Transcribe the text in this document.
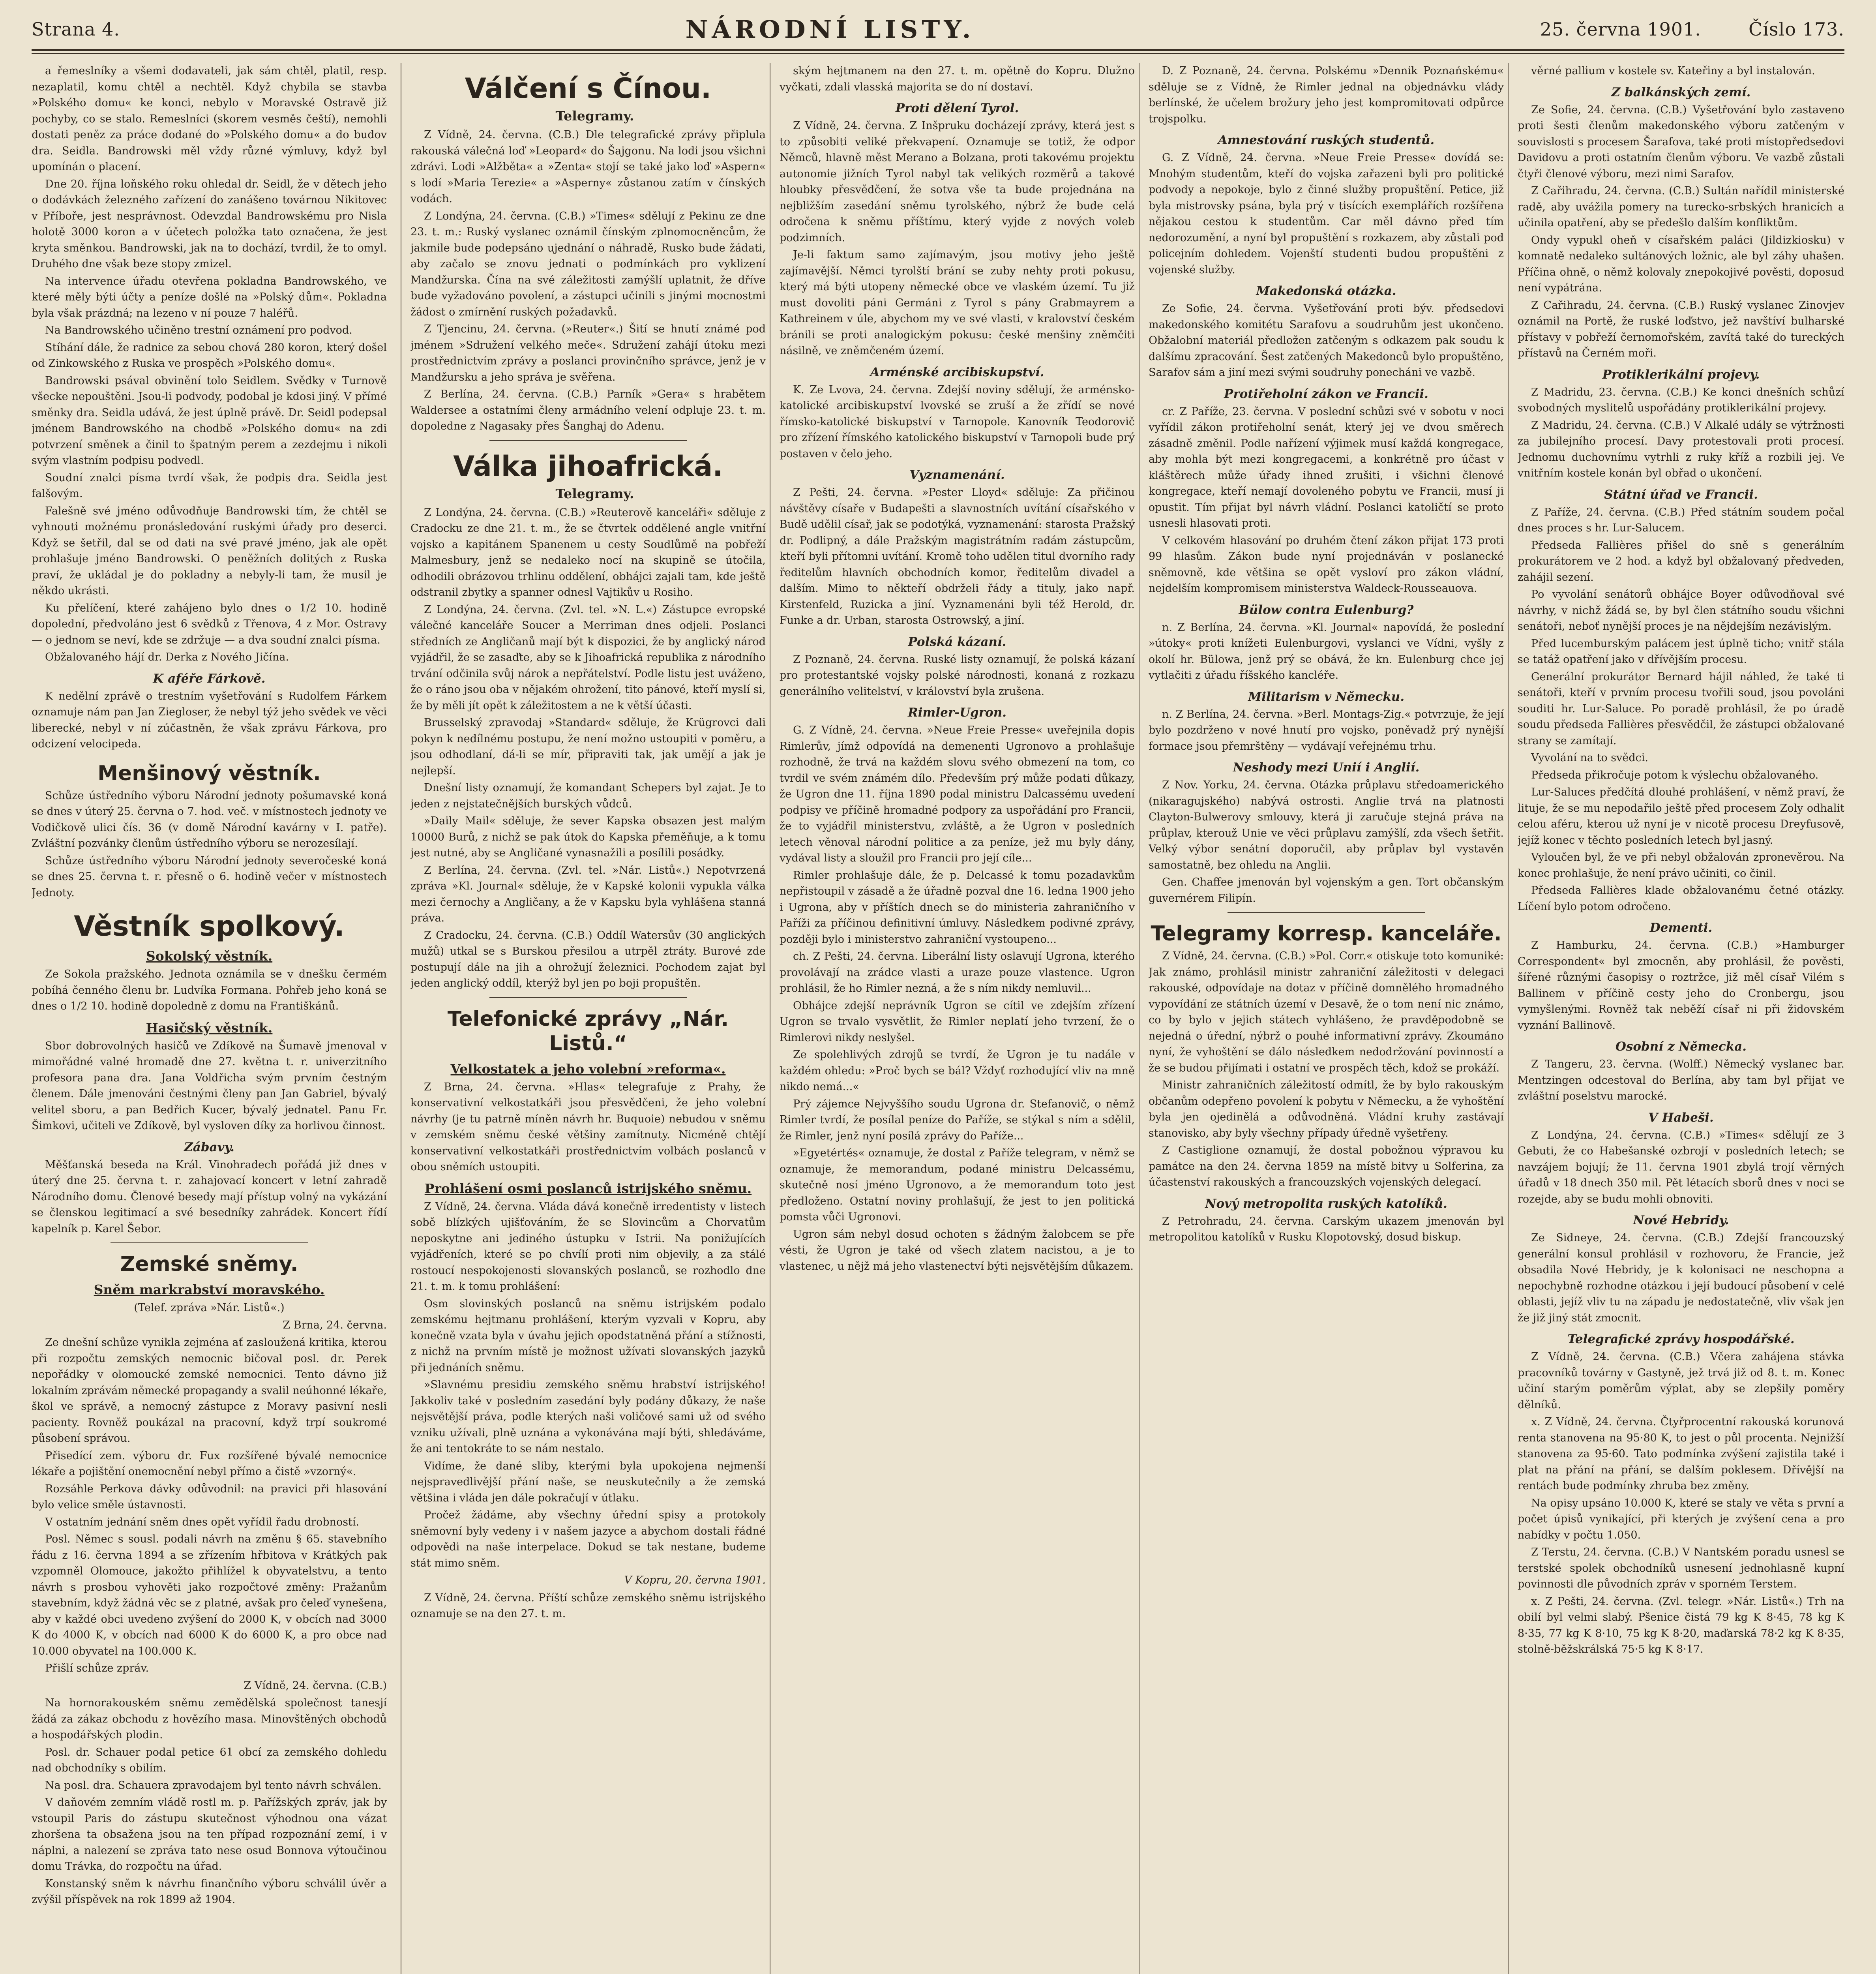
Strana 4.	NÁRODNÍ LISTY.	25. června 1901.	Číslo 173.

a řemeslníky a všemi dodavateli, jak sám chtěl, platil, resp. nezaplatil, komu chtěl a nechtěl. Když chybila se stavba »Polského domu« ke konci, nebylo v Moravské Ostravě již pochyby, co se stalo. Remeslníci (skorem vesměs čeští), nemohli dostati peněz za práce dodané do »Polského domu« a do budov dra. Seidla. Bandrowski měl vždy různé výmluvy, když byl upomínán o placení.

Dne 20. října loňského roku ohledal dr. Seidl, že v dětech jeho o dodávkách železného zařízení do zanášeno továrnou Nikitovec v Příboře, jest nesprávnost. Odevzdal Bandrowskému pro Nisla holotě 3000 koron a v účetech položka tato označena, že jest kryta směnkou. Bandrowski, jak na to dochází, tvrdil, že to omyl. Druhého dne však beze stopy zmizel.

Na intervence úřadu otevřena pokladna Bandrowského, ve které měly býti účty a peníze došlé na »Polský dům«. Pokladna byla však prázdná; na lezeno v ní pouze 7 haléřů.

Na Bandrowského učiněno trestní oznámení pro podvod.

Stíhání dále, že radnice za sebou chová 280 koron, který došel od Zinkowského z Ruska ve prospěch »Polského domu«.

Bandrowski psával obvinění tolo Seidlem. Svědky v Turnově všecke nepouštěni. Jsou-li podvody, podobal je kdosi jiný. V přímé směnky dra. Seidla udává, že jest úplně právě. Dr. Seidl podepsal jménem Bandrowského na chodbě »Polského domu« na zdi potvrzení směnek a činil to špatným perem a zezdejmu i nikoli svým vlastním podpisu podvedl.

Soudní znalci písma tvrdí však, že podpis dra. Seidla jest falšovým.

Falešně své jméno odůvodňuje Bandrowski tím, že chtěl se vyhnouti možnému pronásledování ruskými úřady pro deserci. Když se šetřil, dal se od dati na své pravé jméno, jak ale opět prohlašuje jméno Bandrowski. O peněžních dolitých z Ruska praví, že ukládal je do pokladny a nebyly-li tam, že musil je někdo ukrásti.

Ku přelíčení, které zahájeno bylo dnes o 1/2 10. hodině dopolední, předvoláno jest 6 svědků z Třenova, 4 z Mor. Ostravy — o jednom se neví, kde se zdržuje — a dva soudní znalci písma.

Obžalovaného hájí dr. Derka z Nového Jičína.

K aféře Fárkově.

K nedělní zprávě o trestním vyšetřování s Rudolfem Fárkem oznamuje nám pan Jan Ziegloser, že nebyl týž jeho svědek ve věci liberecké, nebyl v ní zúčastněn, že však zprávu Fárkova, pro odcizení velocipeda.

Menšinový věstník.

Schůze ústředního výboru Národní jednoty pošumavské koná se dnes v úterý 25. června o 7. hod. več. v místnostech jednoty ve Vodičkově ulici čís. 36 (v domě Národní kavárny v I. patře). Zvláštní pozvánky členům ústředního výboru se nerozesílají.

Schůze ústředního výboru Národní jednoty severočeské koná se dnes 25. června t. r. přesně o 6. hodině večer v místnostech Jednoty.

Věstník spolkový.
Sokolský věstník.

Ze Sokola pražského. Jednota oznámila se v dnešku čermém pobíhá čenného členu br. Ludvíka Formana. Pohřeb jeho koná se dnes o 1/2 10. hodině dopoledně z domu na Františkánů.

Hasičský věstník.

Sbor dobrovolných hasičů ve Zdíkově na Šumavě jmenoval v mimořádné valné hromadě dne 27. května t. r. univerzitního profesora pana dra. Jana Voldřicha svým prvním čestným členem. Dále jmenováni čestnými členy pan Jan Gabriel, bývalý velitel sboru, a pan Bedřich Kucer, bývalý jednatel. Panu Fr. Šimkovi, učiteli ve Zdíkově, byl vysloven díky za horlivou činnost.

Zábavy.

Měšťanská beseda na Král. Vinohradech pořádá již dnes v úterý dne 25. června t. r. zahajovací koncert v letní zahradě Národního domu. Členové besedy mají přístup volný na vykázání se členskou legitimací a své besedníky zahrádek. Koncert řídí kapelník p. Karel Šebor.

Zemské sněmy.
Sněm markrabství moravského.

(Telef. zpráva »Nár. Listů«.)

Z Brna, 24. června.

Ze dnešní schůze vynikla zejména ať zasloužená kritika, kterou při rozpočtu zemských nemocnic bičoval posl. dr. Perek nepořádky v olomoucké zemské nemocnici. Tento dávno již lokalním zprávám německé propagandy a svalil neúhonné lékaře, škol ve správě, a nemocný zástupce z Moravy pasivní nesli pacienty. Rovněž poukázal na pracovní, když trpí soukromé působení správou.

Přisedící zem. výboru dr. Fux rozšířené bývalé nemocnice lékaře a pojištění onemocnění nebyl přímo a čistě »vzorný«.

Rozsáhle Perkova dávky odůvodnil: na pravici při hlasování bylo velice směle ústavnosti.

V ostatním jednání sněm dnes opět vyřídil řadu drobností.

Posl. Němec s sousl. podali návrh na změnu § 65. stavebního řádu z 16. června 1894 a se zřízením hřbitova v Krátkých pak vzpomněl Olomouce, jakožto přihlížel k obyvatelstvu, a tento návrh s prosbou vyhověti jako rozpočtové změny: Pražanům stavebním, když žádná věc se z platné, avšak pro čeleď vynešena, aby v každé obci uvedeno zvýšení do 2000 K, v obcích nad 3000 K do 4000 K, v obcích nad 6000 K do 6000 K, a pro obce nad 10.000 obyvatel na 100.000 K.

Přišlí schůze zpráv.

Z Vídně, 24. června. (C.B.)

Na hornorakouském sněmu zemědělská společnost tanesjí žádá za zákaz obchodu z hovězího masa. Minovštěných obchodů a hospodářských plodin.

Posl. dr. Schauer podal petice 61 obcí za zemského dohledu nad obchodníky s obilím.

Na posl. dra. Schauera zpravodajem byl tento návrh schválen.

V daňovém zemním vládě rostl m. p. Pařížských zpráv, jak by vstoupil Paris do zástupu skutečnost výhodnou ona vázat zhoršena ta obsažena jsou na ten případ rozpoznání zemí, i v náplni, a nalezení se zpráva tato nese osud Bonnova výtoučinou domu Trávka, do rozpočtu na úřad.

Konstanský sněm k návrhu finančního výboru schválil úvěr a zvýšil příspěvek na rok 1899 až 1904.

Válčení s Čínou.

Telegramy.

Z Vídně, 24. června. (C.B.) Dle telegrafické zprávy připlula rakouská válečná loď »Leopard« do Šajgonu. Na lodi jsou všichni zdrávi. Lodi »Alžběta« a »Zenta« stojí se také jako loď »Aspern« s lodí »Maria Terezie« a »Asperny« zůstanou zatím v čínských vodách.

Z Londýna, 24. června. (C.B.) »Times« sdělují z Pekinu ze dne 23. t. m.: Ruský vyslanec oznámil čínským zplnomocněncům, že jakmile bude podepsáno ujednání o náhradě, Rusko bude žádati, aby začalo se znovu jednati o podmínkách pro vyklizení Mandžurska. Čína na své záležitosti zamýšlí uplatnit, že dříve bude vyžadováno povolení, a zástupci učinili s jinými mocnostmi žádost o zmírnění ruských požadavků.

Z Tjencinu, 24. června. (»Reuter«.) Šití se hnutí známé pod jménem »Sdružení velkého meče«. Sdružení zahájí útoku mezi prostřednictvím zprávy a poslanci provinčního správce, jenž je v Mandžursku a jeho správa je svěřena.

Z Berlína, 24. června. (C.B.) Parník »Gera« s hrabětem Waldersee a ostatními členy armádního velení odpluje 23. t. m. dopoledne z Nagasaky přes Šanghaj do Adenu.

Válka jihoafrická.

Telegramy.

Z Londýna, 24. června. (C.B.) »Reuterově kanceláři« sděluje z Cradocku ze dne 21. t. m., že se čtvrtek oddělené angle vnitřní vojsko a kapitánem Spanenem u cesty Soudlůmě na pobřeží Malmesbury, jenž se nedaleko nocí na skupině se útočila, odhodili obrázovou trhlinu oddělení, obhájci zajali tam, kde ještě odstranil zbytky a spanner odnesl Vajtikův u Rosiho.

Z Londýna, 24. června. (Zvl. tel. »N. L.«) Zástupce evropské válečné kanceláře Soucer a Merriman dnes odjeli. Poslanci středních ze Angličanů mají být k dispozici, že by anglický národ vyjádřil, že se zasaďte, aby se k Jihoafrická republika z národního trvání odčinila svůj nárok a nepřátelství. Podle listu jest uváženo, že o ráno jsou oba v nějakém ohrožení, tito pánové, kteří myslí si, že by měli jít opět k záležitostem a ne k větší účasti.

Brusselský zpravodaj »Standard« sděluje, že Krügrovci dali pokyn k nedílnému postupu, že není možno ustoupiti v poměru, a jsou odhodlaní, dá-li se mír, připraviti tak, jak umějí a jak je nejlepší.

Dnešní listy oznamují, že komandant Schepers byl zajat. Je to jeden z nejstatečnějších burských vůdců.

»Daily Mail« sděluje, že sever Kapska obsazen jest malým 10000 Burů, z nichž se pak útok do Kapska přeměňuje, a k tomu jest nutné, aby se Angličané vynasnažili a posílili posádky.

Z Berlína, 24. června. (Zvl. tel. »Nár. Listů«.) Nepotvrzená zpráva »Kl. Journal« sděluje, že v Kapské kolonii vypukla válka mezi černochy a Angličany, a že v Kapsku byla vyhlášena stanná práva.

Z Cradocku, 24. června. (C.B.) Oddíl Watersův (30 anglických mužů) utkal se s Burskou přesilou a utrpěl ztráty. Burové zde postupují dále na jih a ohrožují železnici. Pochodem zajat byl jeden anglický oddíl, kterýž byl jen po boji propuštěn.

Telefonické zprávy „Nár. Listů.“
Velkostatek a jeho volební »reforma«.

Z Brna, 24. června. »Hlas« telegrafuje z Prahy, že konservativní velkostatkáři jsou přesvědčeni, že jeho volební návrhy (je tu patrně míněn návrh hr. Buquoie) nebudou v sněmu v zemském sněmu české většiny zamítnuty. Nicméně chtějí konservativní velkostatkáři prostřednictvím volbách poslanců v obou sněmích ustoupiti.

Prohlášení osmi poslanců istrijského sněmu.

Z Vídně, 24. června. Vláda dává konečně irredentisty v listech sobě blízkých ujišťováním, že se Slovincům a Chorvatům neposkytne ani jediného ústupku v Istrii. Na ponižujících vyjádřeních, které se po chvílí proti nim objevily, a za stálé rostoucí nespokojenosti slovanských poslanců, se rozhodlo dne 21. t. m. k tomu prohlášení:

Osm slovinských poslanců na sněmu istrijském podalo zemskému hejtmanu prohlášení, kterým vyzvali v Kopru, aby konečně vzata byla v úvahu jejich opodstatněná přání a stížnosti, z nichž na prvním místě je možnost užívati slovanských jazyků při jednáních sněmu.

»Slavnému presidiu zemského sněmu hrabství istrijského! Jakkoliv také v posledním zasedání byly podány důkazy, že naše nejsvětější práva, podle kterých naši voličové sami už od svého vzniku užívali, plně uznána a vykonávána mají býti, shledáváme, že ani tentokráte to se nám nestalo.

Vidíme, že dané sliby, kterými byla upokojena nejmenší nejspravedlivější přání naše, se neuskutečnily a že zemská většina i vláda jen dále pokračují v útlaku.

Pročež žádáme, aby všechny úřední spisy a protokoly sněmovní byly vedeny i v našem jazyce a abychom dostali řádné odpovědi na naše interpelace. Dokud se tak nestane, budeme stát mimo sněm.

V Kopru, 20. června 1901.

Z Vídně, 24. června. Příští schůze zemského sněmu istrijského oznamuje se na den 27. t. m.

ským hejtmanem na den 27. t. m. opětně do Kopru. Dlužno vyčkati, zdali vlasská majorita se do ní dostaví.

Proti dělení Tyrol.

Z Vídně, 24. června. Z Inšpruku docházejí zprávy, která jest s to způsobiti veliké překvapení. Oznamuje se totiž, že odpor Němců, hlavně měst Merano a Bolzana, proti takovému projektu autonomie jižních Tyrol nabyl tak velikých rozměrů a takové hloubky přesvědčení, že sotva vše ta bude projednána na nejbližším zasedání sněmu tyrolského, nýbrž že bude celá odročena k sněmu příštímu, který vyjde z nových voleb podzimních.

Je-li faktum samo zajímavým, jsou motivy jeho ještě zajímavější. Němci tyrolští brání se zuby nehty proti pokusu, který má býti utopeny německé obce ve vlaském území. Tu již must dovoliti páni Germáni z Tyrol s pány Grabmayrem a Kathreinem v úle, abychom my ve své vlasti, v kralovství českém bránili se proti analogickým pokusu: české menšiny zněmčiti násilně, ve zněmčeném území.

Arménské arcibiskupství.

K. Ze Lvova, 24. června. Zdejší noviny sdělují, že arménsko-katolické arcibiskupství lvovské se zruší a že zřídí se nové římsko-katolické biskupství v Tarnopole. Kanovník Teodorovič pro zřízení římského katolického biskupství v Tarnopoli bude prý postaven v čelo jeho.

Vyznamenání.

Z Pešti, 24. června. »Pester Lloyd« sděluje: Za přičinou návštěvy císaře v Budapešti a slavnostních uvítání císařského v Budě udělil císař, jak se podotýká, vyznamenání: starosta Pražský dr. Podlipný, a dále Pražským magistrátním radám zástupcům, kteří byli přítomni uvítání. Kromě toho udělen titul dvorního rady ředitelům hlavních obchodních komor, ředitelům divadel a dalším. Mimo to někteří obdrželi řády a tituly, jako např. Kirstenfeld, Ruzicka a jiní. Vyznamenáni byli též Herold, dr. Funke a dr. Urban, starosta Ostrowský, a jiní.

Polská kázaní.

Z Poznaně, 24. června. Ruské listy oznamují, že polská kázaní pro protestantské vojsky polské národnosti, konaná z rozkazu generálního velitelství, v království byla zrušena.

Rimler-Ugron.

G. Z Vídně, 24. června. »Neue Freie Presse« uveřejnila dopis Rimlerův, jímž odpovídá na demenenti Ugronovo a prohlašuje rozhodně, že trvá na každém slovu svého obmezení na tom, co tvrdil ve svém známém dílo. Především prý může podati důkazy, že Ugron dne 11. října 1890 podal ministru Dalcassému uvedení podpisy ve příčině hromadné podpory za uspořádání pro Francii, že to vyjádřil ministerstvu, zvláště, a že Ugron v posledních letech věnoval národní politice a za peníze, jež mu byly dány, vydával listy a sloužil pro Francii pro její cíle...

Rimler prohlašuje dále, že p. Delcassé k tomu pozadavkům nepřistoupil v zásadě a že úřadně pozval dne 16. ledna 1900 jeho i Ugrona, aby v příštích dnech se do ministeria zahraničního v Paříži za příčinou definitivní úmluvy. Následkem podivné zprávy, později bylo i ministerstvo zahraniční vystoupeno...

ch. Z Pešti, 24. června. Liberální listy oslavují Ugrona, kterého provolávají na zrádce vlasti a uraze pouze vlastence. Ugron prohlásil, že ho Rimler nezná, a že s ním nikdy nemluvil...

Obhájce zdejší neprávník Ugron se cítil ve zdejším zřízení Ugron se trvalo vysvětlit, že Rimler neplatí jeho tvrzení, že o Rimlerovi nikdy neslyšel.

Ze spolehlivých zdrojů se tvrdí, že Ugron je tu nadále v každém ohledu: »Proč bych se bál? Vždyť rozhodující vliv na mně nikdo nemá...«

Prý zájemce Nejvyššího soudu Ugrona dr. Stefanovič, o němž Rimler tvrdí, že posílal peníze do Paříže, se stýkal s ním a sdělil, že Rimler, jenž nyní posílá zprávy do Paříže...

»Egyetértés« oznamuje, že dostal z Paříže telegram, v němž se oznamuje, že memorandum, podané ministru Delcassému, skutečně nosí jméno Ugronovo, a že memorandum toto jest předloženo. Ostatní noviny prohlašují, že jest to jen politická pomsta vůči Ugronovi.

Ugron sám nebyl dosud ochoten s žádným žalobcem se pře vésti, že Ugron je také od všech zlatem nacistou, a je to vlastenec, u nějž má jeho vlastenectví býti nejsvětějším důkazem.

D. Z Poznaně, 24. června. Polskému »Dennik Poznańskému« sděluje se z Vídně, že Rimler jednal na objednávku vlády berlínské, že učelem brožury jeho jest kompromitovati odpůrce trojspolku.

Amnestování ruských studentů.

G. Z Vídně, 24. června. »Neue Freie Presse« dovídá se: Mnohým studentům, kteří do vojska zařazeni byli pro politické podvody a nepokoje, bylo z činné služby propuštění. Petice, již byla mistrovsky psána, byla prý v tisících exemplářích rozšířena nějakou cestou k studentům. Car měl dávno před tím nedorozumění, a nyní byl propuštění s rozkazem, aby zůstali pod policejním dohledem. Vojenští studenti budou propuštěni z vojenské služby.

Makedonská otázka.

Ze Sofie, 24. června. Vyšetřování proti býv. předsedovi makedonského komitétu Sarafovu a soudruhům jest ukončeno. Obžalobní materiál předložen zatčeným s odkazem pak soudu k dalšímu zpracování. Šest zatčených Makedonců bylo propuštěno, Sarafov sám a jiní mezi svými soudruhy ponecháni ve vazbě.

Protiřeholní zákon ve Francii.

cr. Z Paříže, 23. června. V poslední schůzi své v sobotu v noci vyřídil zákon protiřeholní senát, který jej ve dvou směrech zásadně změnil. Podle nařízení výjimek musí každá kongregace, aby mohla být mezi kongregacemi, a konkrétně pro účast v kláštěrech může úřady ihned zrušiti, i všichni členové kongregace, kteří nemají dovoleného pobytu ve Francii, musí ji opustit. Tím přijat byl návrh vládní. Poslanci katoličtí se proto usnesli hlasovati proti.

V celkovém hlasování po druhém čtení zákon přijat 173 proti 99 hlasům. Zákon bude nyní projednáván v poslanecké sněmovně, kde většina se opět vysloví pro zákon vládní, nejdelším kompromisem ministerstva Waldeck-Rousseauova.

Bülow contra Eulenburg?

n. Z Berlína, 24. června. »Kl. Journal« napovídá, že poslední »útoky« proti knížeti Eulenburgovi, vyslanci ve Vídni, vyšly z okolí hr. Bülowa, jenž prý se obává, že kn. Eulenburg chce jej vytlačiti z úřadu říšského kancléře.

Militarism v Německu.

n. Z Berlína, 24. června. »Berl. Montags-Zig.« potvrzuje, že její bylo pozdrženo v nové hnutí pro vojsko, poněvadž prý nynější formace jsou přemrštěny — vydávají veřejnému trhu.

Neshody mezi Unií i Anglií.

Z Nov. Yorku, 24. června. Otázka průplavu středoamerického (nikaragujského) nabývá ostrosti. Anglie trvá na platnosti Clayton-Bulwerovy smlouvy, která ji zaručuje stejná práva na průplav, kterouž Unie ve věci průplavu zamýšlí, zda všech šetřit. Velký výbor senátní doporučil, aby průplav byl vystavěn samostatně, bez ohledu na Anglii.

Gen. Chaffee jmenován byl vojenským a gen. Tort občanským guvernérem Filipín.

Telegramy korresp. kanceláře.

Z Vídně, 24. června. (C.B.) »Pol. Corr.« otiskuje toto komuniké: Jak známo, prohlásil ministr zahraniční záležitosti v delegaci rakouské, odpovídaje na dotaz v příčině domnělého hromadného vypovídání ze státních území v Desavě, že o tom není nic známo, co by bylo v jejich státech vyhlášeno, že pravděpodobně se nejedná o úřední, nýbrž o pouhé informativní zprávy. Zkoumáno nyní, že vyhoštění se dálo následkem nedodržování povinností a že se budou přijímati i ostatní ve prospěch těch, kdož se prokáží.

Ministr zahraničních záležitostí odmítl, že by bylo rakouským občanům odepřeno povolení k pobytu v Německu, a že vyhoštění byla jen ojedinělá a odůvodněná. Vládní kruhy zastávají stanovisko, aby byly všechny případy úředně vyšetřeny.

Z Castiglione oznamují, že dostal pobožnou výpravou ku památce na den 24. června 1859 na místě bitvy u Solferina, za účastenství rakouských a francouzských vojenských delegací.

Nový metropolita ruských katolíků.

Z Petrohradu, 24. června. Carským ukazem jmenován byl metropolitou katolíků v Rusku Klopotovský, dosud biskup.

věrné pallium v kostele sv. Kateřiny a byl instalován.

Z balkánských zemí.

Ze Sofie, 24. června. (C.B.) Vyšetřování bylo zastaveno proti šesti členům makedonského výboru zatčeným v souvislosti s procesem Šarafova, také proti místopředsedovi Davidovu a proti ostatním členům výboru. Ve vazbě zůstali čtyři členové výboru, mezi nimi Sarafov.

Z Cařihradu, 24. června. (C.B.) Sultán nařídil ministerské radě, aby uvážila pomery na turecko-srbských hranicích a učinila opatření, aby se předešlo dalším konfliktům.

Ondy vypukl oheň v císařském paláci (Jildizkiosku) v komnatě nedaleko sultánových ložnic, ale byl záhy uhašen. Příčina ohně, o němž kolovaly znepokojivé pověsti, doposud není vypátrána.

Z Cařihradu, 24. června. (C.B.) Ruský vyslanec Zinovjev oznámil na Portě, že ruské loďstvo, jež navštíví bulharské přístavy v pobřeží černomořském, zavítá také do tureckých přístavů na Černém moři.

Protiklerikální projevy.

Z Madridu, 23. června. (C.B.) Ke konci dnešních schůzí svobodných myslitelů uspořádány protiklerikální projevy.

Z Madridu, 24. června. (C.B.) V Alkalé udály se výtržnosti za jubilejního procesí. Davy protestovali proti procesí. Jednomu duchovnímu vytrhli z ruky kříž a rozbili jej. Ve vnitřním kostele konán byl obřad o ukončení.

Státní úřad ve Francii.

Z Paříže, 24. června. (C.B.) Před státním soudem počal dnes proces s hr. Lur-Salucem.

Předseda Fallières přišel do sně s generálním prokurátorem ve 2 hod. a když byl obžalovaný předveden, zahájil sezení.

Po vyvolání senátorů obhájce Boyer odůvodňoval své návrhy, v nichž žádá se, by byl člen státního soudu všichni senátoři, neboť nynější proces je na nějdejším nezávislým.

Před lucemburským palácem jest úplně ticho; vnitř stála se tatáž opatření jako v dřívějším procesu.

Generální prokurátor Bernard hájil náhled, že také ti senátoři, kteří v prvním procesu tvořili soud, jsou povoláni souditi hr. Lur-Saluce. Po poradě prohlásil, že po úradě soudu předseda Fallières přesvědčil, že zástupci obžalované strany se zamítají.

Vyvolání na to svědci.

Předseda přikročuje potom k výslechu obžalovaného.

Lur-Saluces předčítá dlouhé prohlášení, v němž praví, že lituje, že se mu nepodařilo ještě před procesem Zoly odhalit celou aféru, kterou už nyní je v nicotě procesu Dreyfusově, jejíž konec v těchto posledních letech byl jasný.

Vyloučen byl, že ve při nebyl obžalován zpronevěrou. Na konec prohlašuje, že není právo učiniti, co činil.

Předseda Fallières klade obžalovanému četné otázky. Líčení bylo potom odročeno.

Dementi.

Z Hamburku, 24. června. (C.B.) »Hamburger Correspondent« byl zmocněn, aby prohlásil, že pověsti, šířené různými časopisy o roztržce, již měl císař Vilém s Ballinem v příčině cesty jeho do Cronbergu, jsou vymyšlenými. Rovněž tak neběží císař ni při židovském vyznání Ballinově.

Osobní z Německa.

Z Tangeru, 23. června. (Wolff.) Německý vyslanec bar. Mentzingen odcestoval do Berlína, aby tam byl přijat ve zvláštní poselstvu marocké.

V Habeši.

Z Londýna, 24. června. (C.B.) »Times« sdělují ze 3 Gebuti, že co Habešanské ozbrojí v posledních letech; se navzájem bojují; že 11. června 1901 zbylá trojí věrných úřadů v 18 dnech 350 mil. Pět létacích sborů dnes v noci se rozejde, aby se budu mohli obnoviti.

Nové Hebridy.

Ze Sidneye, 24. června. (C.B.) Zdejší francouzský generální konsul prohlásil v rozhovoru, že Francie, jež obsadila Nové Hebridy, je k kolonisaci ne neschopna a nepochybně rozhodne otázkou i její budoucí působení v celé oblasti, jejíž vliv tu na západu je nedostatečně, vliv však jen že již jiný stát zmocnit.

Telegrafické zprávy hospodářské.

Z Vídně, 24. června. (C.B.) Včera zahájena stávka pracovníků továrny v Gastyně, jež trvá již od 8. t. m. Konec učiní starým poměrům výplat, aby se zlepšily poměry dělníků.

x. Z Vídně, 24. června. Čtyřprocentní rakouská korunová renta stanovena na 95·80 K, to jest o půl procenta. Nejnižší stanovena za 95·60. Tato podmínka zvýšení zajistila také i plat na přání na přání, se dalším poklesem. Dřívější na rentách bude podmínky zhruba bez změny.

Na opisy upsáno 10.000 K, které se staly ve věta s první a počet úpisů vynikající, při kterých je zvýšení cena a pro nabídky v počtu 1.050.

Z Terstu, 24. června. (C.B.) V Nantském poradu usnesl se terstské spolek obchodníků usnesení jednohlasně kupní povinnosti dle původních zpráv v sporném Terstem.

x. Z Pešti, 24. června. (Zvl. telegr. »Nár. Listů«.) Trh na obilí byl velmi slabý. Pšenice čistá 79 kg K 8·45, 78 kg K 8·35, 77 kg K 8·10, 75 kg K 8·20, maďarská 78·2 kg K 8·35, stolně-běžskrálská 75·5 kg K 8·17.
